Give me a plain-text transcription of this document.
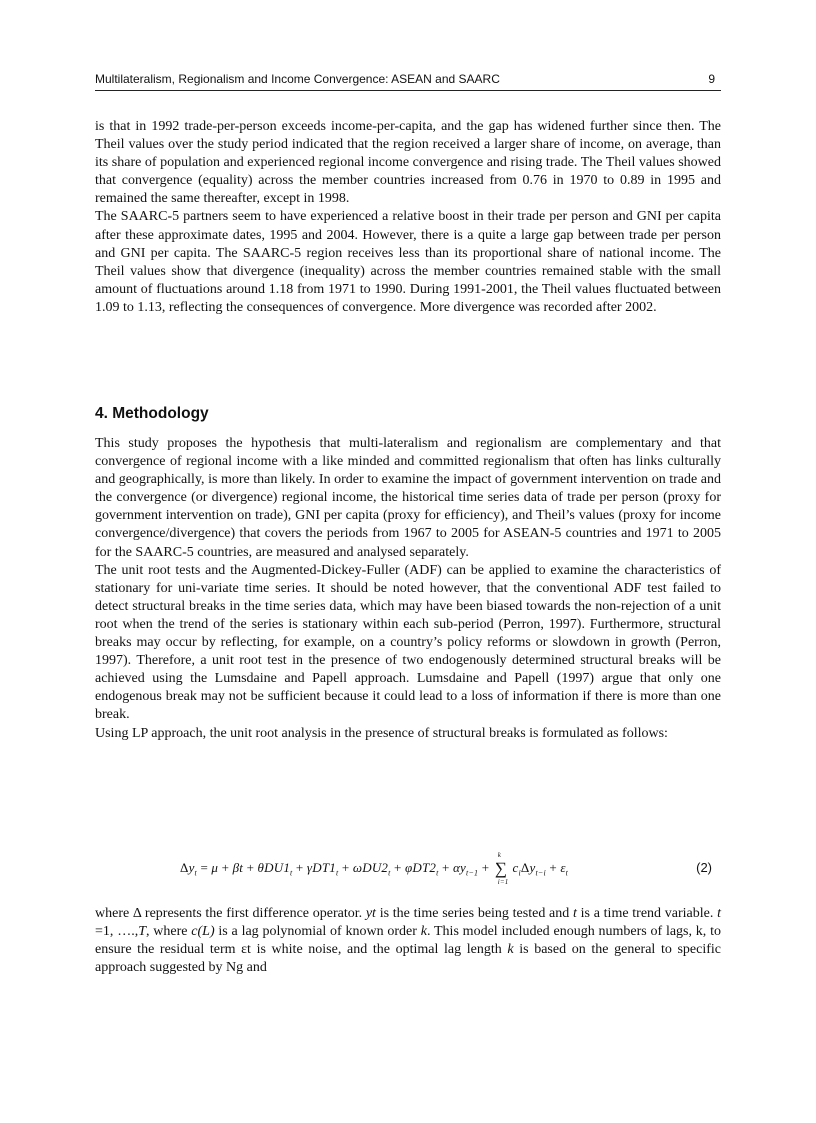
Multilateralism, Regionalism and Income Convergence: ASEAN and SAARC	9

is that in 1992 trade-per-person exceeds income-per-capita, and the gap has widened further since then. The Theil values over the study period indicated that the region received a larger share of income, on average, than its share of population and experienced regional income convergence and rising trade. The Theil values showed that convergence (equality) across the member countries increased from 0.76 in 1970 to 0.89 in 1995 and remained the same thereafter, except in 1998.

The SAARC-5 partners seem to have experienced a relative boost in their trade per person and GNI per capita after these approximate dates, 1995 and 2004. However, there is a quite a large gap between trade per person and GNI per capita. The SAARC-5 region receives less than its proportional share of national income. The Theil values show that divergence (inequality) across the member countries remained stable with the small amount of fluctuations around 1.18 from 1971 to 1990. During 1991-2001, the Theil values fluctuated between 1.09 to 1.13, reflecting the consequences of convergence. More divergence was recorded after 2002.

4. Methodology

This study proposes the hypothesis that multi-lateralism and regionalism are complementary and that convergence of regional income with a like minded and committed regionalism that often has links culturally and geographically, is more than likely. In order to examine the impact of government intervention on trade and the convergence (or divergence) regional income, the historical time series data of trade per person (proxy for government intervention on trade), GNI per capita (proxy for efficiency), and Theil’s values (proxy for income convergence/divergence) that covers the periods from 1967 to 2005 for ASEAN-5 countries and 1971 to 2005 for the SAARC-5 countries, are measured and analysed separately.

The unit root tests and the Augmented-Dickey-Fuller (ADF) can be applied to examine the characteristics of stationary for uni-variate time series. It should be noted however, that the conventional ADF test failed to detect structural breaks in the time series data, which may have been biased towards the non-rejection of a unit root when the trend of the series is stationary within each sub-period (Perron, 1997). Furthermore, structural breaks may occur by reflecting, for example, on a country’s policy reforms or slowdown in growth (Perron, 1997). Therefore, a unit root test in the presence of two endogenously determined structural breaks will be achieved using the Lumsdaine and Papell approach. Lumsdaine and Papell (1997) argue that only one endogenous break may not be sufficient because it could lead to a loss of information if there is more than one break.

Using LP approach, the unit root analysis in the presence of structural breaks is formulated as follows:

$\Delta y_t = \mu + \beta t + \theta DU1_t + \gamma DT1_t + \omega DU2_t + \varphi DT2_t + \alpha y_{t-1}$ + ∑
k
i=1
$c_i\Delta y_{t-i} + \varepsilon_t$	(2)

where Δ represents the first difference operator. yt is the time series being tested and t is a time trend variable. t =1, ….,T, where c(L) is a lag polynomial of known order k. This model included enough numbers of lags, k, to ensure the residual term εt is white noise, and the optimal lag length k is based on the general to specific approach suggested by Ng and
